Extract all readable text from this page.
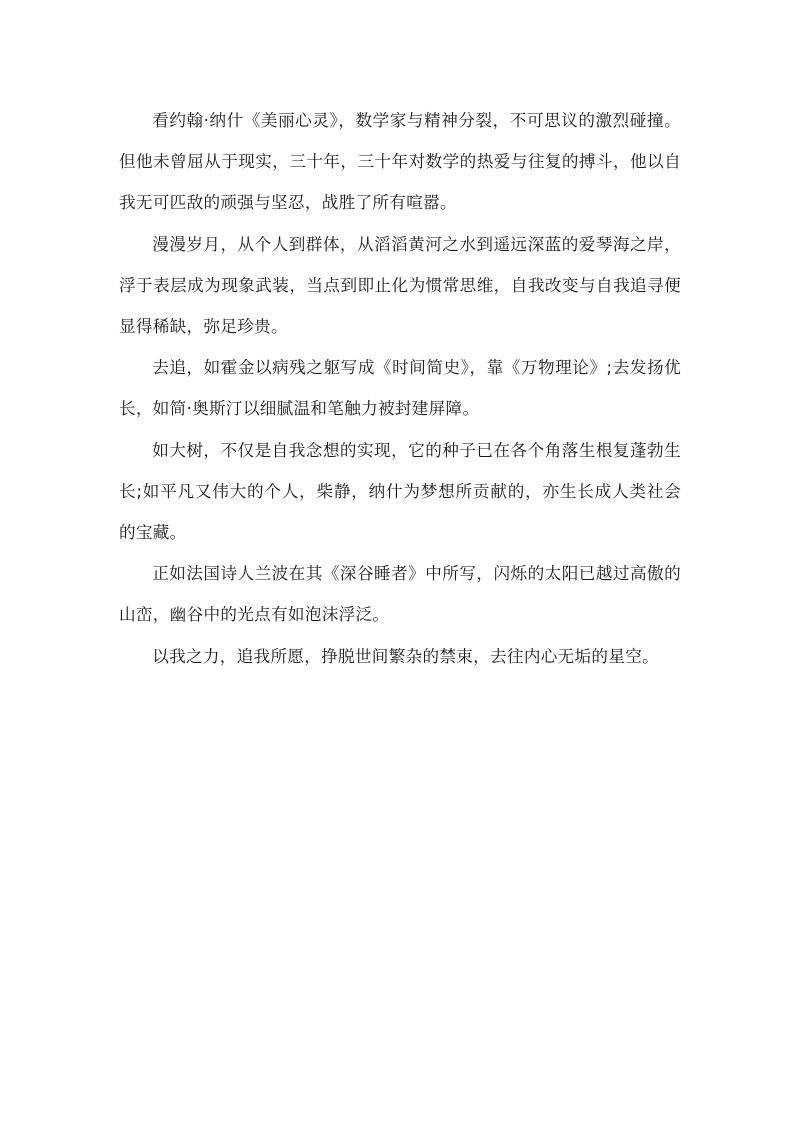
看约翰·纳什《美丽心灵》，数学家与精神分裂，不可思议的激烈碰撞。但他未曾屈从于现实，三十年，三十年对数学的热爱与往复的搏斗，他以自我无可匹敌的顽强与坚忍，战胜了所有喧嚣。

漫漫岁月，从个人到群体，从滔滔黄河之水到遥远深蓝的爱琴海之岸，浮于表层成为现象武装，当点到即止化为惯常思维，自我改变与自我追寻便显得稀缺，弥足珍贵。

去追，如霍金以病残之躯写成《时间简史》，靠《万物理论》;去发扬优长，如简·奥斯汀以细腻温和笔触力被封建屏障。

如大树，不仅是自我念想的实现，它的种子已在各个角落生根复蓬勃生长;如平凡又伟大的个人，柴静，纳什为梦想所贡献的，亦生长成人类社会的宝藏。

正如法国诗人兰波在其《深谷睡者》中所写，闪烁的太阳已越过高傲的山峦，幽谷中的光点有如泡沫浮泛。

以我之力，追我所愿，挣脱世间繁杂的禁束，去往内心无垢的星空。
